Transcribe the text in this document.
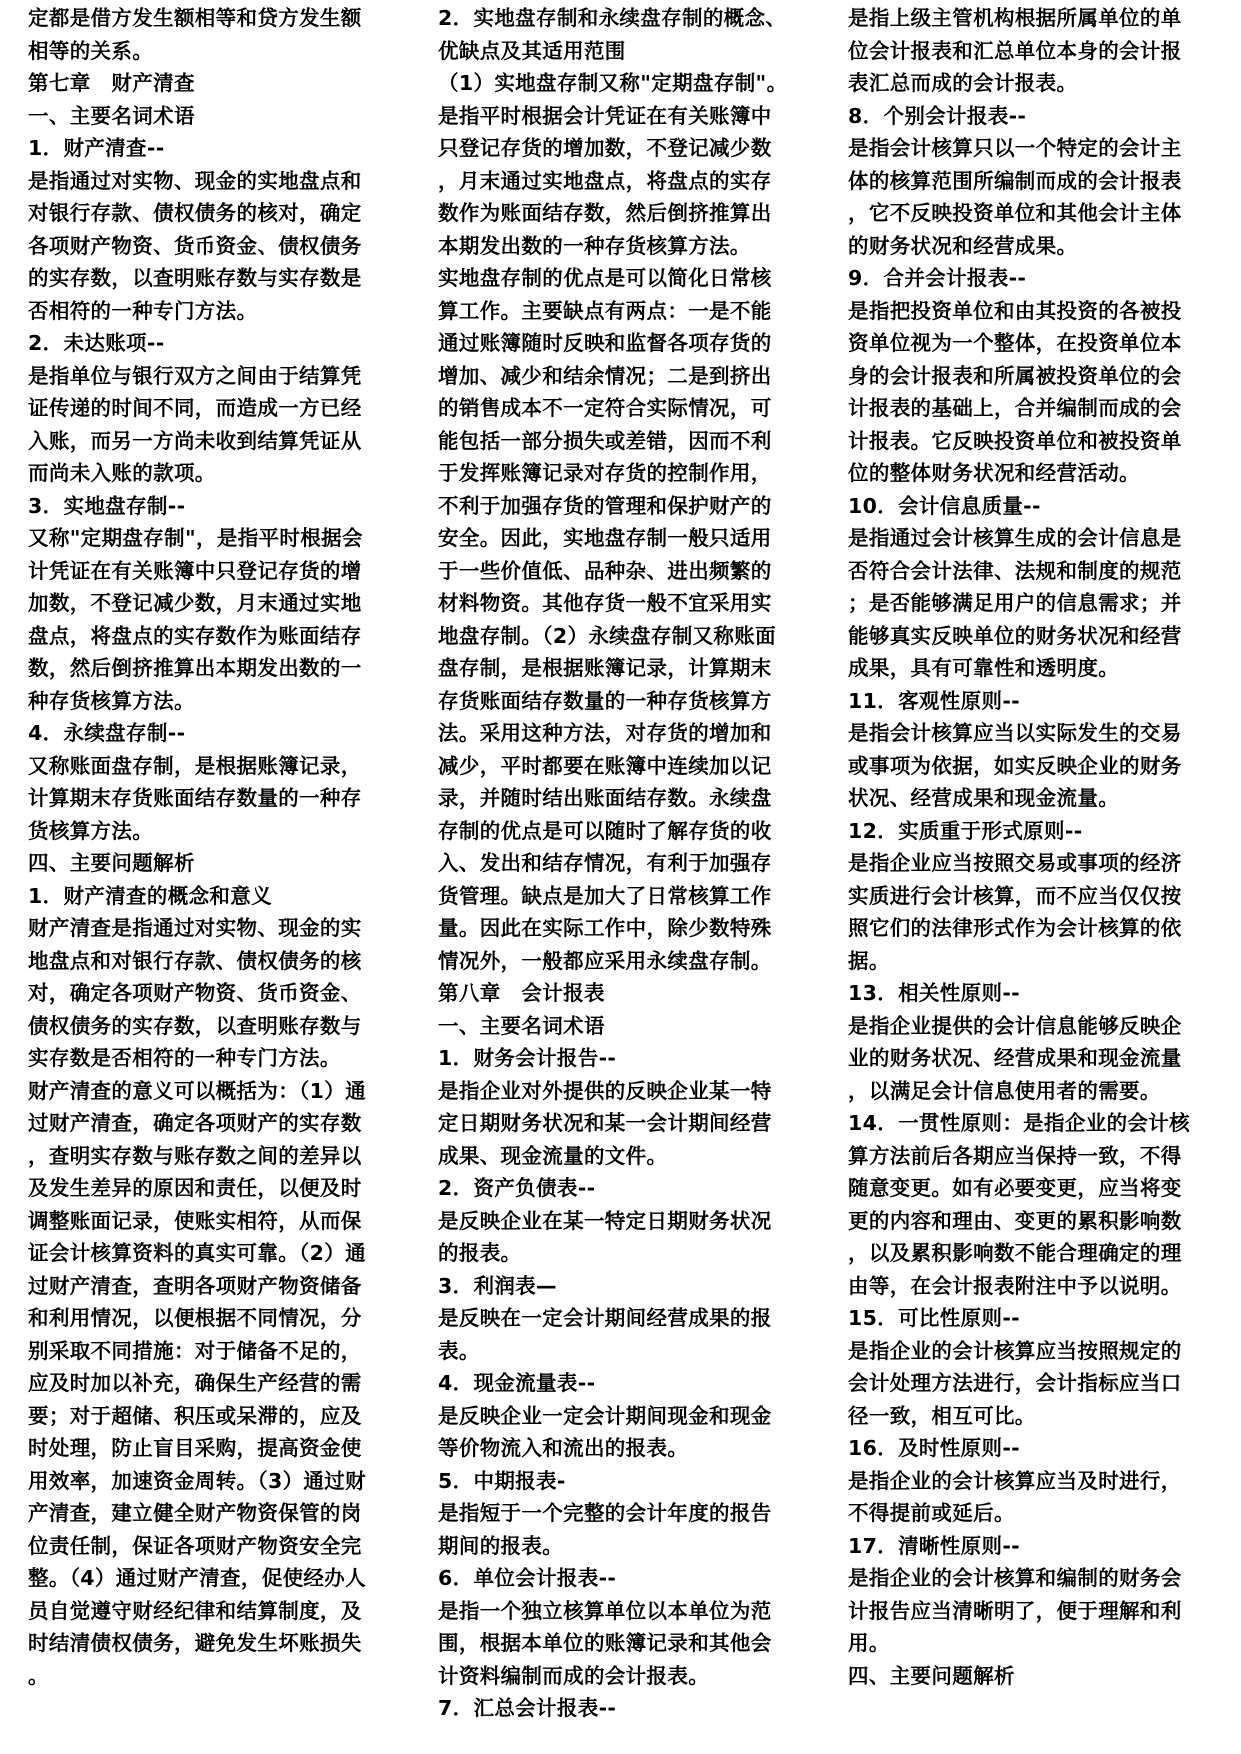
定都是借方发生额相等和贷方发生额
相等的关系。
第七章　财产清查
一、主要名词术语
1．财产清查--
是指通过对实物、现金的实地盘点和
对银行存款、债权债务的核对，确定
各项财产物资、货币资金、债权债务
的实存数，以查明账存数与实存数是
否相符的一种专门方法。
2．未达账项--
是指单位与银行双方之间由于结算凭
证传递的时间不同，而造成一方已经
入账，而另一方尚未收到结算凭证从
而尚未入账的款项。
3．实地盘存制--
又称"定期盘存制"，是指平时根据会
计凭证在有关账簿中只登记存货的增
加数，不登记减少数，月末通过实地
盘点，将盘点的实存数作为账面结存
数，然后倒挤推算出本期发出数的一
种存货核算方法。
4．永续盘存制--
又称账面盘存制，是根据账簿记录，
计算期末存货账面结存数量的一种存
货核算方法。
四、主要问题解析
1．财产清查的概念和意义
财产清查是指通过对实物、现金的实
地盘点和对银行存款、债权债务的核
对，确定各项财产物资、货币资金、
债权债务的实存数，以查明账存数与
实存数是否相符的一种专门方法。
财产清查的意义可以概括为：（1）通
过财产清查，确定各项财产的实存数
，查明实存数与账存数之间的差异以
及发生差异的原因和责任，以便及时
调整账面记录，使账实相符，从而保
证会计核算资料的真实可靠。（2）通
过财产清查，查明各项财产物资储备
和利用情况，以便根据不同情况，分
别采取不同措施：对于储备不足的，
应及时加以补充，确保生产经营的需
要；对于超储、积压或呆滞的，应及
时处理，防止盲目采购，提高资金使
用效率，加速资金周转。（3）通过财
产清查，建立健全财产物资保管的岗
位责任制，保证各项财产物资安全完
整。（4）通过财产清查，促使经办人
员自觉遵守财经纪律和结算制度，及
时结清债权债务，避免发生坏账损失
。
2．实地盘存制和永续盘存制的概念、
优缺点及其适用范围
（1）实地盘存制又称"定期盘存制"。
是指平时根据会计凭证在有关账簿中
只登记存货的增加数，不登记减少数
，月末通过实地盘点，将盘点的实存
数作为账面结存数，然后倒挤推算出
本期发出数的一种存货核算方法。
实地盘存制的优点是可以简化日常核
算工作。主要缺点有两点：一是不能
通过账簿随时反映和监督各项存货的
增加、减少和结余情况；二是到挤出
的销售成本不一定符合实际情况，可
能包括一部分损失或差错，因而不利
于发挥账簿记录对存货的控制作用，
不利于加强存货的管理和保护财产的
安全。因此，实地盘存制一般只适用
于一些价值低、品种杂、进出频繁的
材料物资。其他存货一般不宜采用实
地盘存制。（2）永续盘存制又称账面
盘存制，是根据账簿记录，计算期末
存货账面结存数量的一种存货核算方
法。采用这种方法，对存货的增加和
减少，平时都要在账簿中连续加以记
录，并随时结出账面结存数。永续盘
存制的优点是可以随时了解存货的收
入、发出和结存情况，有利于加强存
货管理。缺点是加大了日常核算工作
量。因此在实际工作中，除少数特殊
情况外，一般都应采用永续盘存制。
第八章　会计报表
一、主要名词术语
1．财务会计报告--
是指企业对外提供的反映企业某一特
定日期财务状况和某一会计期间经营
成果、现金流量的文件。
2．资产负债表--
是反映企业在某一特定日期财务状况
的报表。
3．利润表—
是反映在一定会计期间经营成果的报
表。
4．现金流量表--
是反映企业一定会计期间现金和现金
等价物流入和流出的报表。
5．中期报表-
是指短于一个完整的会计年度的报告
期间的报表。
6．单位会计报表--
是指一个独立核算单位以本单位为范
围，根据本单位的账簿记录和其他会
计资料编制而成的会计报表。
7．汇总会计报表--
是指上级主管机构根据所属单位的单
位会计报表和汇总单位本身的会计报
表汇总而成的会计报表。
8．个别会计报表--
是指会计核算只以一个特定的会计主
体的核算范围所编制而成的会计报表
，它不反映投资单位和其他会计主体
的财务状况和经营成果。
9．合并会计报表--
是指把投资单位和由其投资的各被投
资单位视为一个整体，在投资单位本
身的会计报表和所属被投资单位的会
计报表的基础上，合并编制而成的会
计报表。它反映投资单位和被投资单
位的整体财务状况和经营活动。
10．会计信息质量--
是指通过会计核算生成的会计信息是
否符合会计法律、法规和制度的规范
；是否能够满足用户的信息需求；并
能够真实反映单位的财务状况和经营
成果，具有可靠性和透明度。
11．客观性原则--
是指会计核算应当以实际发生的交易
或事项为依据，如实反映企业的财务
状况、经营成果和现金流量。
12．实质重于形式原则--
是指企业应当按照交易或事项的经济
实质进行会计核算，而不应当仅仅按
照它们的法律形式作为会计核算的依
据。
13．相关性原则--
是指企业提供的会计信息能够反映企
业的财务状况、经营成果和现金流量
，以满足会计信息使用者的需要。
14．一贯性原则：是指企业的会计核
算方法前后各期应当保持一致，不得
随意变更。如有必要变更，应当将变
更的内容和理由、变更的累积影响数
，以及累积影响数不能合理确定的理
由等，在会计报表附注中予以说明。
15．可比性原则--
是指企业的会计核算应当按照规定的
会计处理方法进行，会计指标应当口
径一致，相互可比。
16．及时性原则--
是指企业的会计核算应当及时进行，
不得提前或延后。
17．清晰性原则--
是指企业的会计核算和编制的财务会
计报告应当清晰明了，便于理解和利
用。
四、主要问题解析
